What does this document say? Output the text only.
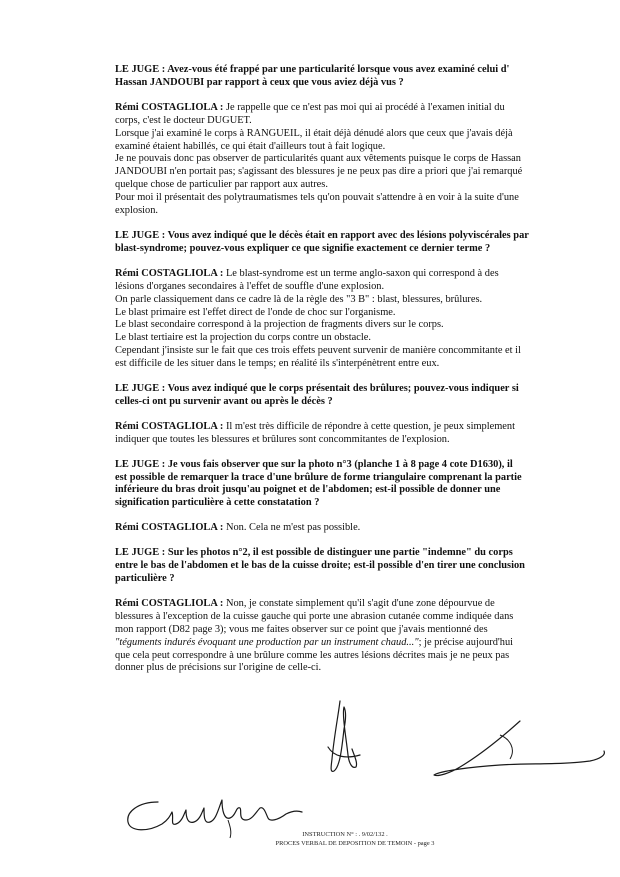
LE JUGE : Avez-vous été frappé par une particularité lorsque vous avez examiné celui d'

Hassan JANDOUBI par rapport à ceux que vous aviez déjà vus ?

Rémi COSTAGLIOLA : Je rappelle que ce n'est pas moi qui ai procédé à l'examen initial du

corps, c'est le docteur DUGUET.

Lorsque j'ai examiné le corps à RANGUEIL, il était déjà dénudé alors que ceux que j'avais déjà

examiné étaient habillés, ce qui était d'ailleurs tout à fait logique.

Je ne pouvais donc pas observer de particularités quant aux vêtements puisque le corps de Hassan

JANDOUBI n'en portait pas; s'agissant des blessures je ne peux pas dire a priori que j'ai remarqué

quelque chose de particulier par rapport aux autres.

Pour moi il présentait des polytraumatismes tels qu'on pouvait s'attendre à en voir à la suite d'une

explosion.

LE JUGE : Vous avez indiqué que le décès était en rapport avec des lésions polyviscérales par

blast-syndrome; pouvez-vous expliquer ce que signifie exactement ce dernier terme ?

Rémi COSTAGLIOLA : Le blast-syndrome est un terme anglo-saxon qui correspond à des

lésions d'organes secondaires à l'effet de souffle d'une explosion.

On parle classiquement dans ce cadre là de la règle des "3 B" : blast, blessures, brûlures.

Le blast primaire est l'effet direct de l'onde de choc sur l'organisme.

Le blast secondaire correspond à la projection de fragments divers sur le corps.

Le blast tertiaire est la projection du corps contre un obstacle.

Cependant j'insiste sur le fait que ces trois effets peuvent survenir de manière concommitante et il

est difficile de les situer dans le temps; en réalité ils s'interpénètrent entre eux.

LE JUGE : Vous avez indiqué que le corps présentait des brûlures; pouvez-vous indiquer si

celles-ci ont pu survenir avant ou après le décès ?

Rémi COSTAGLIOLA : Il m'est très difficile de répondre à cette question, je peux simplement

indiquer que toutes les blessures et brûlures sont concommitantes de l'explosion.

LE JUGE : Je vous fais observer que sur la photo n°3 (planche 1 à 8 page 4 cote D1630), il

est possible de remarquer la trace d'une brûlure de forme triangulaire comprenant la partie

inférieure du bras droit jusqu'au poignet et de l'abdomen; est-il possible de donner une

signification particulière à cette constatation ?

Rémi COSTAGLIOLA : Non. Cela ne m'est pas possible.

LE JUGE : Sur les photos n°2, il est possible de distinguer une partie "indemne" du corps

entre le bas de l'abdomen et le bas de la cuisse droite; est-il possible d'en tirer une conclusion

particulière ?

Rémi COSTAGLIOLA : Non, je constate simplement qu'il s'agit d'une zone dépourvue de

blessures à l'exception de la cuisse gauche qui porte une abrasion cutanée comme indiquée dans

mon rapport (D82 page 3); vous me faites observer sur ce point que j'avais mentionné des

"téguments indurés évoquant une production par un instrument chaud..."; je précise aujourd'hui

que cela peut correspondre à une brûlure comme les autres lésions décrites mais je ne peux pas

donner plus de précisions sur l'origine de celle-ci.

INSTRUCTION N° : . 9/02/132 .
PROCES VERBAL DE DEPOSITION DE TEMOIN - page 3
